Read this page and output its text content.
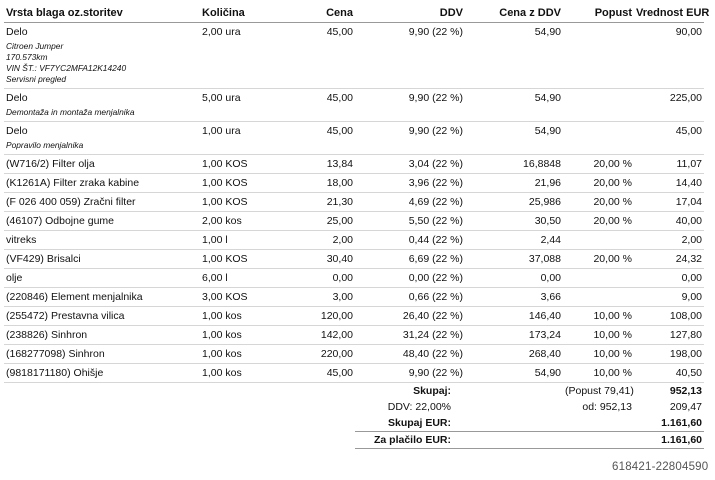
Vrsta blaga oz.storitev	Količina	Cena	DDV	Cena z DDV	Popust	Vrednost EUR

Delo
Citroen Jumper
170.573km
VIN ŠT.: VF7YC2MFA12K14240
Servisni pregled	2,00 ura	45,00	9,90 (22 %)	54,90		90,00

Delo
Demontaža in montaža menjalnika	5,00 ura	45,00	9,90 (22 %)	54,90		225,00

Delo
Popravilo menjalnika	1,00 ura	45,00	9,90 (22 %)	54,90		45,00

(W716/2) Filter olja	1,00 KOS	13,84	3,04 (22 %)	16,8848	20,00 %	11,07

(K1261A) Filter zraka kabine	1,00 KOS	18,00	3,96 (22 %)	21,96	20,00 %	14,40

(F 026 400 059) Zračni filter	1,00 KOS	21,30	4,69 (22 %)	25,986	20,00 %	17,04

(46107) Odbojne gume	2,00 kos	25,00	5,50 (22 %)	30,50	20,00 %	40,00

vitreks	1,00 l	2,00	0,44 (22 %)	2,44		2,00

(VF429) Brisalci	1,00 KOS	30,40	6,69 (22 %)	37,088	20,00 %	24,32

olje	6,00 l	0,00	0,00 (22 %)	0,00		0,00

(220846) Element menjalnika	3,00 KOS	3,00	0,66 (22 %)	3,66		9,00

(255472) Prestavna vilica	1,00 kos	120,00	26,40 (22 %)	146,40	10,00 %	108,00

(238826) Sinhron	1,00 kos	142,00	31,24 (22 %)	173,24	10,00 %	127,80

(168277098) Sinhron	1,00 kos	220,00	48,40 (22 %)	268,40	10,00 %	198,00

(9818171180) Ohišje	1,00 kos	45,00	9,90 (22 %)	54,90	10,00 %	40,50

			Skupaj:		(Popust 79,41)	952,13
			DDV: 22,00%		od: 952,13	209,47
			Skupaj EUR:			1.161,60
			Za plačilo EUR:			1.161,60
618421-22804590
